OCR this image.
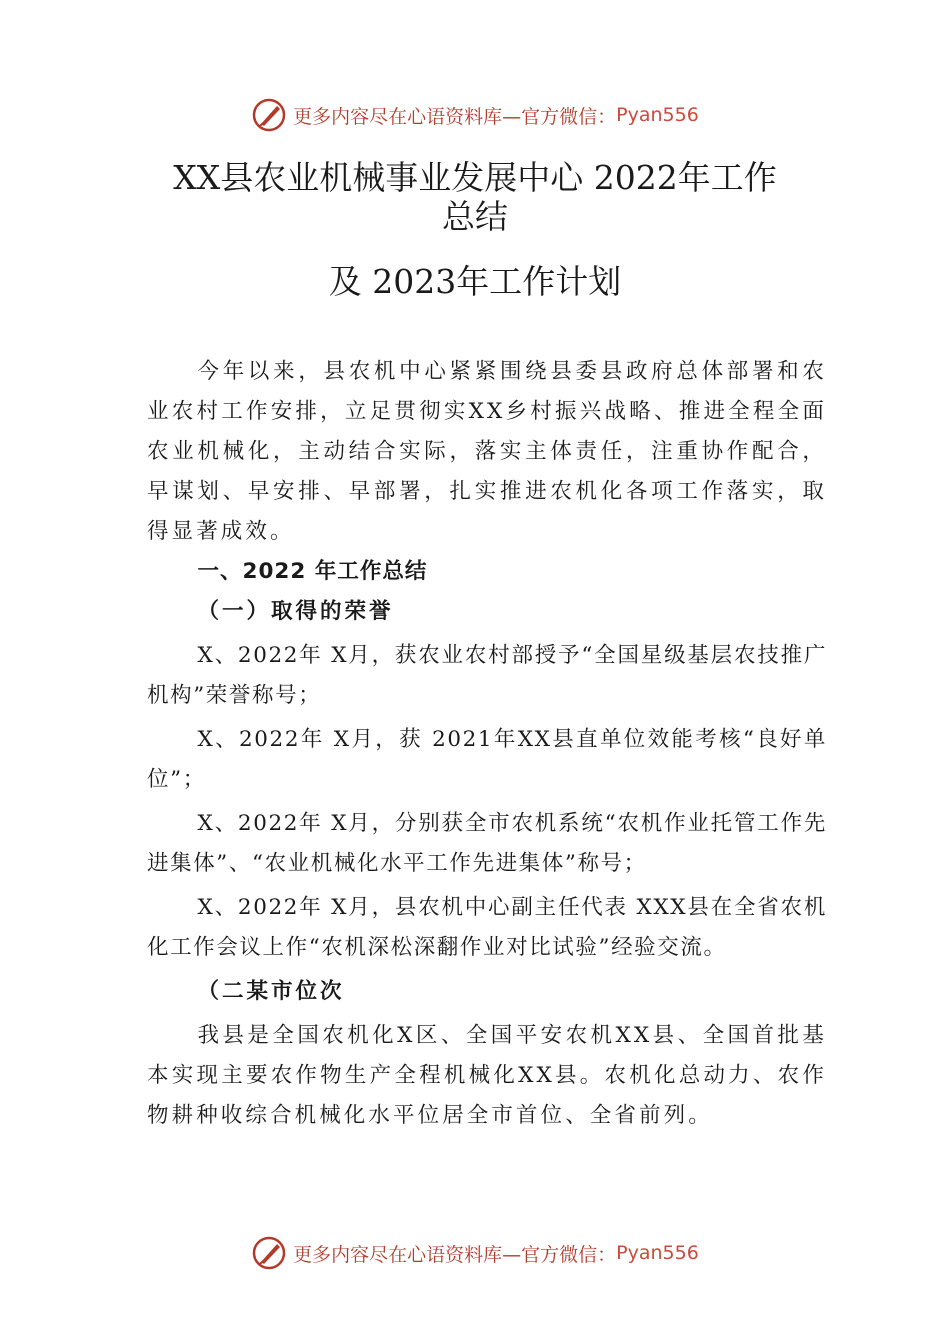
更多内容尽在心语资料库—官方微信： Pyan556
XX县农业机械事业发展中心 2022年工作
总结
及 2023年工作计划

今年以来，县农机中心紧紧围绕县委县政府总体部署和农业农村工作安排，立足贯彻实XX乡村振兴战略、推进全程全面农业机械化，主动结合实际，落实主体责任，注重协作配合，早谋划、早安排、早部署，扎实推进农机化各项工作落实，取得显著成效。

一、2022 年工作总结

（一）取得的荣誉

X、2022年 X月，获农业农村部授予“全国星级基层农技推广机构”荣誉称号；

X、2022年 X月，获 2021年XX县直单位效能考核“良好单位”；

X、2022年 X月，分别获全市农机系统“农机作业托管工作先进集体”、“农业机械化水平工作先进集体”称号；

X、2022年 X月，县农机中心副主任代表 XXX县在全省农机化工作会议上作“农机深松深翻作业对比试验”经验交流。

（二某市位次

我县是全国农机化X区、全国平安农机XX县、全国首批基本实现主要农作物生产全程机械化XX县。农机化总动力、农作物耕种收综合机械化水平位居全市首位、全省前列。

更多内容尽在心语资料库—官方微信： Pyan556
